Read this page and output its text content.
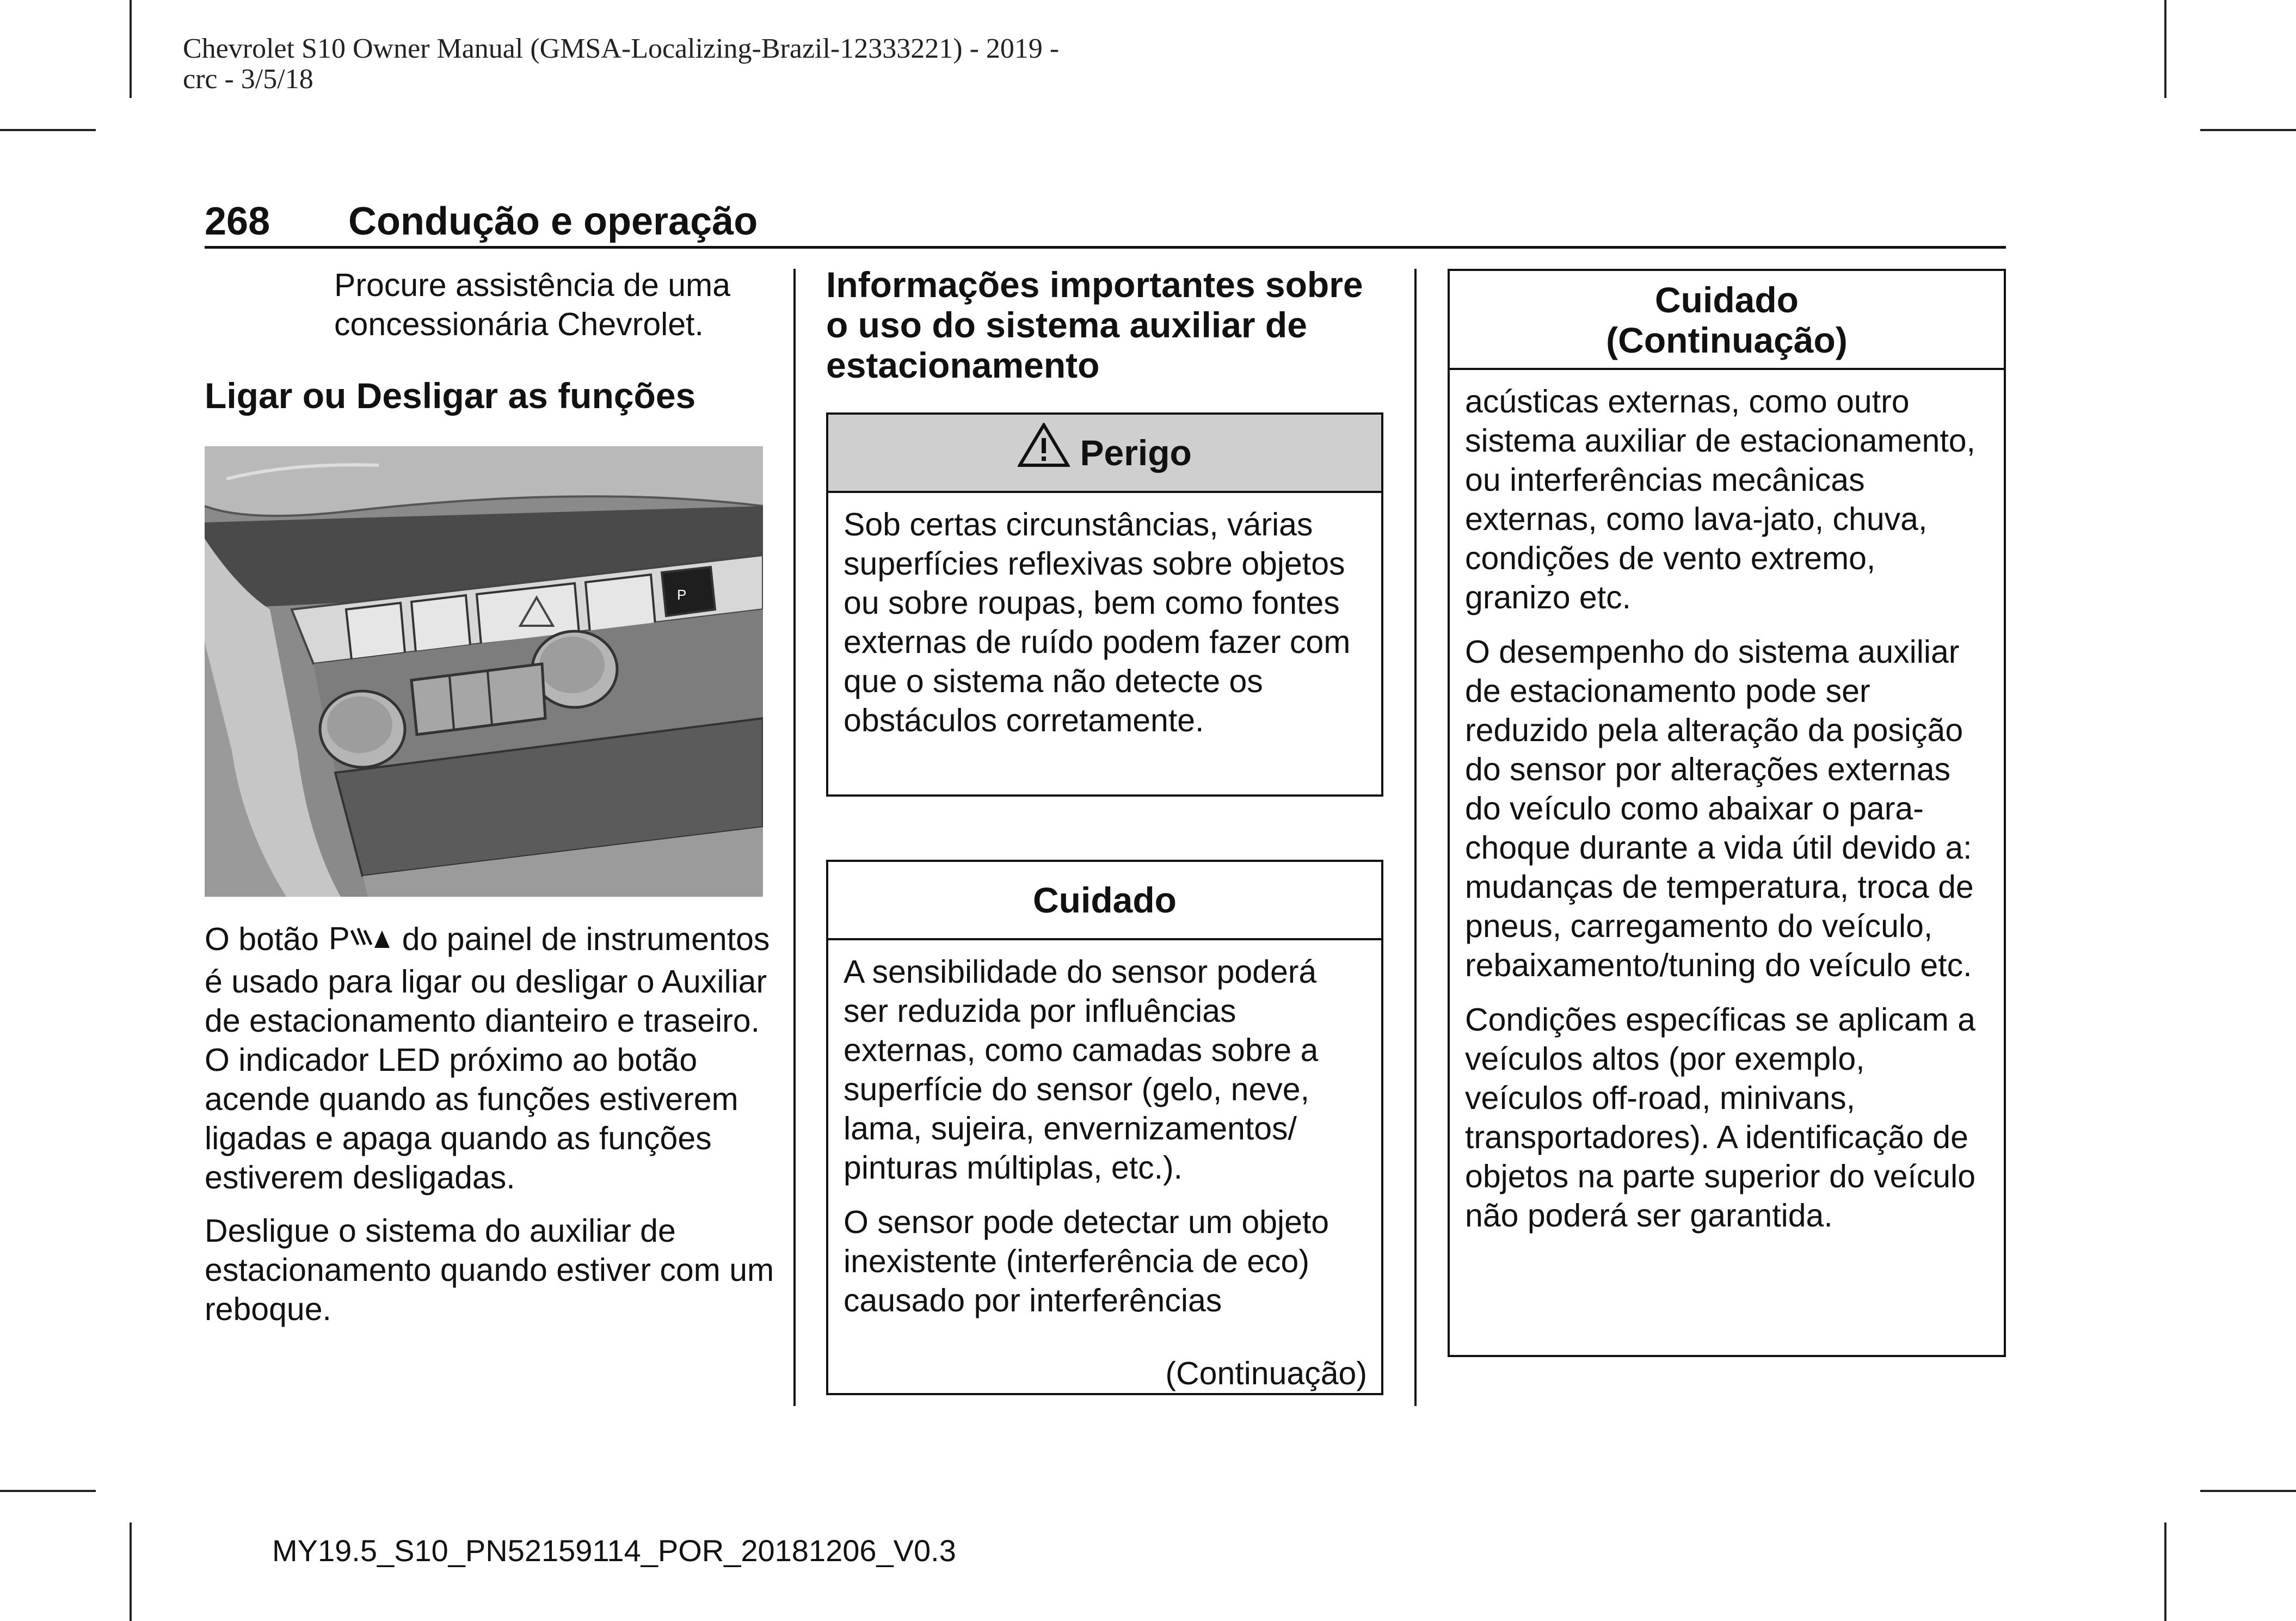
Chevrolet S10 Owner Manual (GMSA-Localizing-Brazil-12333221) - 2019 -
crc - 3/5/18
268 Condução e operação

Procure assistência de uma concessionária Chevrolet.

Ligar ou Desligar as funções

P

O botão P do painel de instrumentos é usado para ligar ou desligar o Auxiliar de estacionamento dianteiro e traseiro. O indicador LED próximo ao botão acende quando as funções estiverem ligadas e apaga quando as funções estiverem desligadas.

Desligue o sistema do auxiliar de estacionamento quando estiver com um reboque.

Informações importantes sobre o uso do sistema auxiliar de estacionamento

Perigo

Sob certas circunstâncias, várias superfícies reflexivas sobre objetos ou sobre roupas, bem como fontes externas de ruído podem fazer com que o sistema não detecte os obstáculos corretamente.

Cuidado

A sensibilidade do sensor poderá ser reduzida por influências externas, como camadas sobre a superfície do sensor (gelo, neve, lama, sujeira, envernizamentos/ pinturas múltiplas, etc.).

O sensor pode detectar um objeto inexistente (interferência de eco) causado por interferências

(Continuação)
Cuidado
(Continuação)

acústicas externas, como outro sistema auxiliar de estacionamento, ou interferências mecânicas externas, como lava-jato, chuva, condições de vento extremo, granizo etc.

O desempenho do sistema auxiliar de estacionamento pode ser reduzido pela alteração da posição do sensor por alterações externas do veículo como abaixar o para-choque durante a vida útil devido a: mudanças de temperatura, troca de pneus, carregamento do veículo, rebaixamento/tuning do veículo etc.

Condições específicas se aplicam a veículos altos (por exemplo, veículos off-road, minivans, transportadores). A identificação de objetos na parte superior do veículo não poderá ser garantida.

MY19.5_S10_PN52159114_POR_20181206_V0.3
